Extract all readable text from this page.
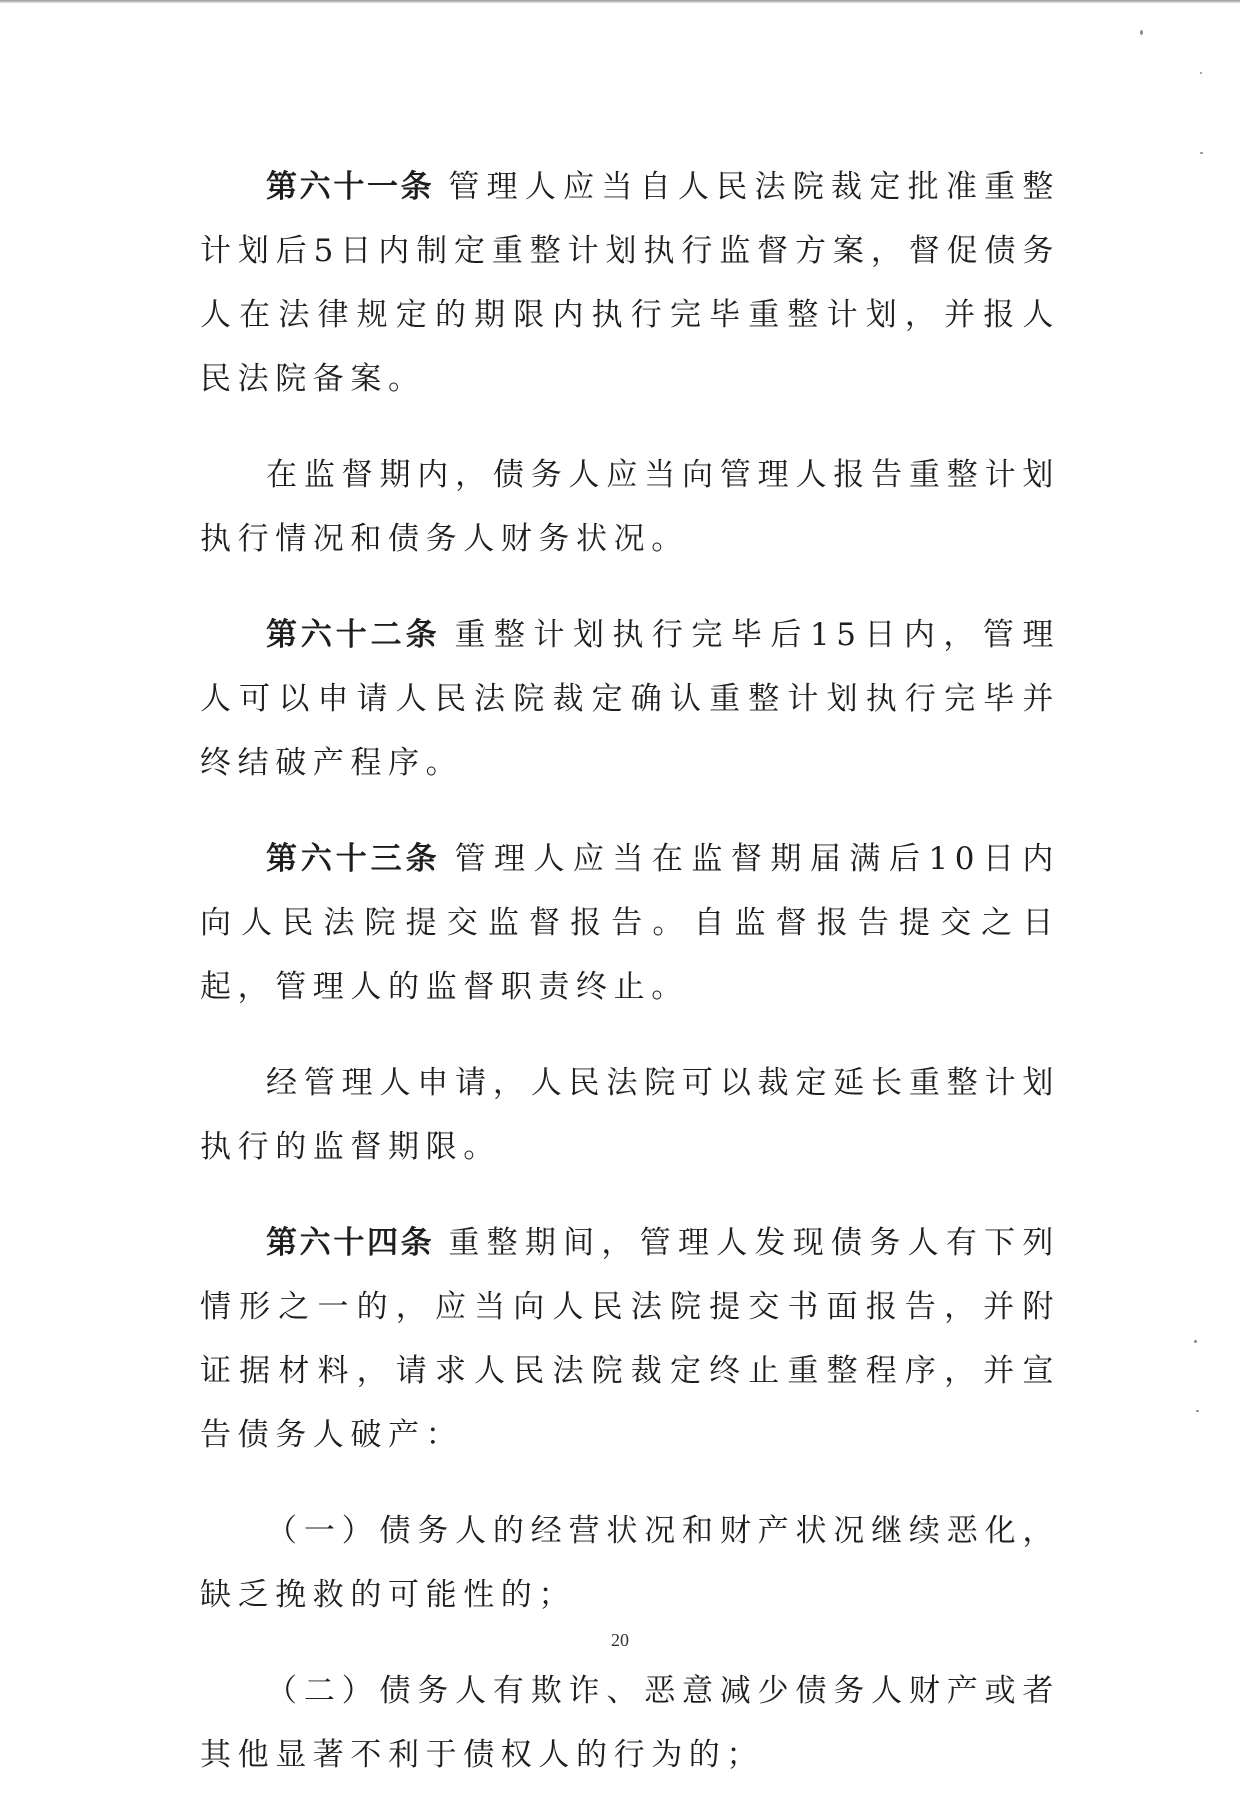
第六十一条 管理人应当自人民法院裁定批准重整计划后5日内制定重整计划执行监督方案，督促债务人在法律规定的期限内执行完毕重整计划，并报人民法院备案。

在监督期内，债务人应当向管理人报告重整计划执行情况和债务人财务状况。

第六十二条 重整计划执行完毕后15日内，管理人可以申请人民法院裁定确认重整计划执行完毕并终结破产程序。

第六十三条 管理人应当在监督期届满后10日内向人民法院提交监督报告。自监督报告提交之日起，管理人的监督职责终止。

经管理人申请，人民法院可以裁定延长重整计划执行的监督期限。

第六十四条 重整期间，管理人发现债务人有下列情形之一的，应当向人民法院提交书面报告，并附证据材料，请求人民法院裁定终止重整程序，并宣告债务人破产：

（一）债务人的经营状况和财产状况继续恶化，缺乏挽救的可能性的；

（二）债务人有欺诈、恶意减少债务人财产或者其他显著不利于债权人的行为的；

20
